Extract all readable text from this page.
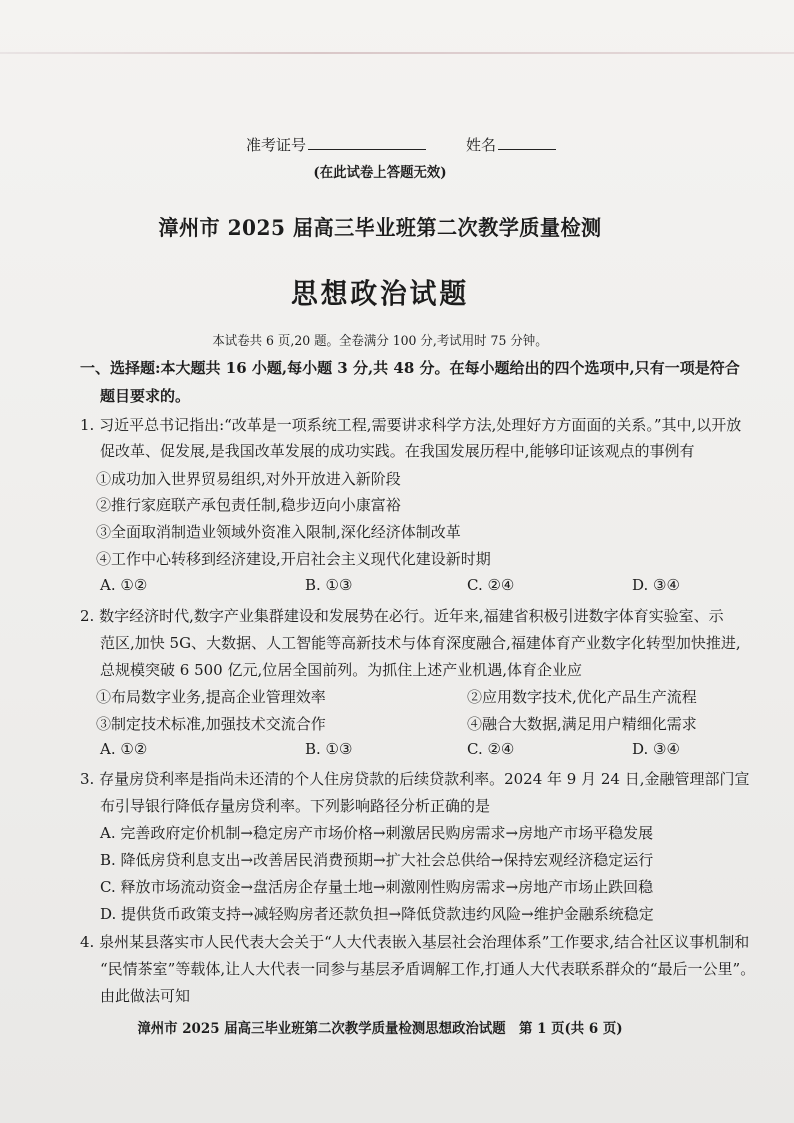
准考证号	姓名
(在此试卷上答题无效)
漳州市 2025 届高三毕业班第二次教学质量检测
思想政治试题
本试卷共 6 页,20 题。全卷满分 100 分,考试用时 75 分钟。
一、选择题:本大题共 16 小题,每小题 3 分,共 48 分。在每小题给出的四个选项中,只有一项是符合
题目要求的。
1. 习近平总书记指出:“改革是一项系统工程,需要讲求科学方法,处理好方方面面的关系。”其中,以开放
促改革、促发展,是我国改革发展的成功实践。在我国发展历程中,能够印证该观点的事例有
①成功加入世界贸易组织,对外开放进入新阶段
②推行家庭联产承包责任制,稳步迈向小康富裕
③全面取消制造业领域外资准入限制,深化经济体制改革
④工作中心转移到经济建设,开启社会主义现代化建设新时期
A. ①②	B. ①③	C. ②④	D. ③④
2. 数字经济时代,数字产业集群建设和发展势在必行。近年来,福建省积极引进数字体育实验室、示
范区,加快 5G、大数据、人工智能等高新技术与体育深度融合,福建体育产业数字化转型加快推进,
总规模突破 6 500 亿元,位居全国前列。为抓住上述产业机遇,体育企业应
①布局数字业务,提高企业管理效率	②应用数字技术,优化产品生产流程
③制定技术标准,加强技术交流合作	④融合大数据,满足用户精细化需求
A. ①②	B. ①③	C. ②④	D. ③④
3. 存量房贷利率是指尚未还清的个人住房贷款的后续贷款利率。2024 年 9 月 24 日,金融管理部门宣
布引导银行降低存量房贷利率。下列影响路径分析正确的是
A. 完善政府定价机制→稳定房产市场价格→刺激居民购房需求→房地产市场平稳发展
B. 降低房贷利息支出→改善居民消费预期→扩大社会总供给→保持宏观经济稳定运行
C. 释放市场流动资金→盘活房企存量土地→刺激刚性购房需求→房地产市场止跌回稳
D. 提供货币政策支持→减轻购房者还款负担→降低贷款违约风险→维护金融系统稳定
4. 泉州某县落实市人民代表大会关于“人大代表嵌入基层社会治理体系”工作要求,结合社区议事机制和
“民情茶室”等载体,让人大代表一同参与基层矛盾调解工作,打通人大代表联系群众的“最后一公里”。
由此做法可知
漳州市 2025 届高三毕业班第二次教学质量检测思想政治试题　第 1 页(共 6 页)
